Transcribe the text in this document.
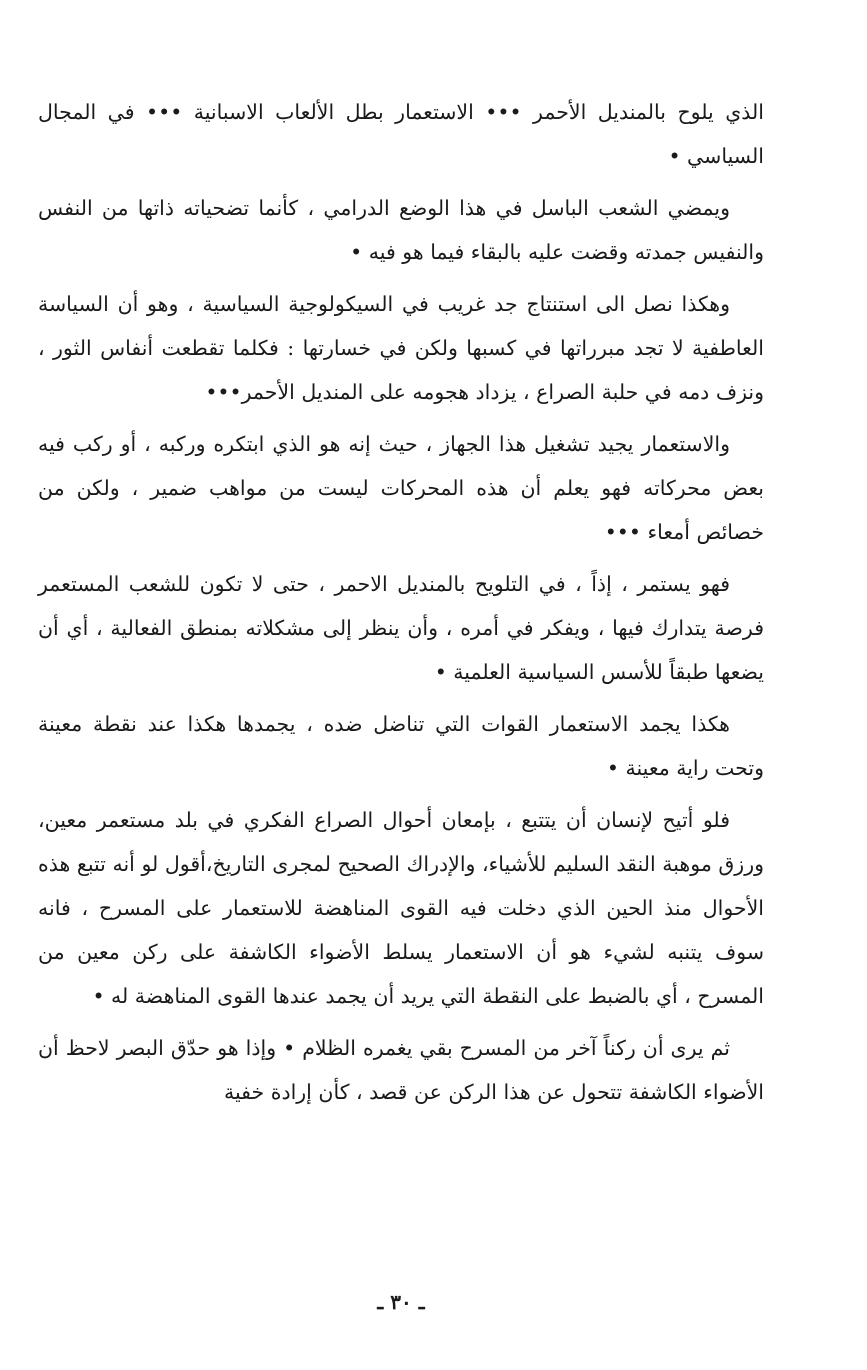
الذي يلوح بالمنديل الأحمر ••• الاستعمار بطل الألعاب الاسبانية ••• في المجال السياسي •

ويمضي الشعب الباسل في هذا الوضع الدرامي ، كأنما تضحياته ذاتها من النفس والنفيس جمدته وقضت عليه بالبقاء فيما هو فيه •

وهكذا نصل الى استنتاج جد غريب في السيكولوجية السياسية ، وهو أن السياسة العاطفية لا تجد مبرراتها في كسبها ولكن في خسارتها : فكلما تقطعت أنفاس الثور ، ونزف دمه في حلبة الصراع ، يزداد هجومه على المنديل الأحمر•••

والاستعمار يجيد تشغيل هذا الجهاز ، حيث إنه هو الذي ابتكره وركبه ، أو ركب فيه بعض محركاته فهو يعلم أن هذه المحركات ليست من مواهب ضمير ، ولكن من خصائص أمعاء •••

فهو يستمر ، إذاً ، في التلويح بالمنديل الاحمر ، حتى لا تكون للشعب المستعمر فرصة يتدارك فيها ، ويفكر في أمره ، وأن ينظر إلى مشكلاته بمنطق الفعالية ، أي أن يضعها طبقاً للأسس السياسية العلمية •

هكذا يجمد الاستعمار القوات التي تناضل ضده ، يجمدها هكذا عند نقطة معينة وتحت راية معينة •

فلو أتيح لإنسان أن يتتبع ، بإمعان أحوال الصراع الفكري في بلد مستعمر معين، ورزق موهبة النقد السليم للأشياء، والإدراك الصحيح لمجرى التاريخ،أقول لو أنه تتبع هذه الأحوال منذ الحين الذي دخلت فيه القوى المناهضة للاستعمار على المسرح ، فانه سوف يتنبه لشيء هو أن الاستعمار يسلط الأضواء الكاشفة على ركن معين من المسرح ، أي بالضبط على النقطة التي يريد أن يجمد عندها القوى المناهضة له •

ثم يرى أن ركناً آخر من المسرح بقي يغمره الظلام • وإذا هو حدّق البصر لاحظ أن الأضواء الكاشفة تتحول عن هذا الركن عن قصد ، كأن إرادة خفية

ـ ٣٠ ـ
